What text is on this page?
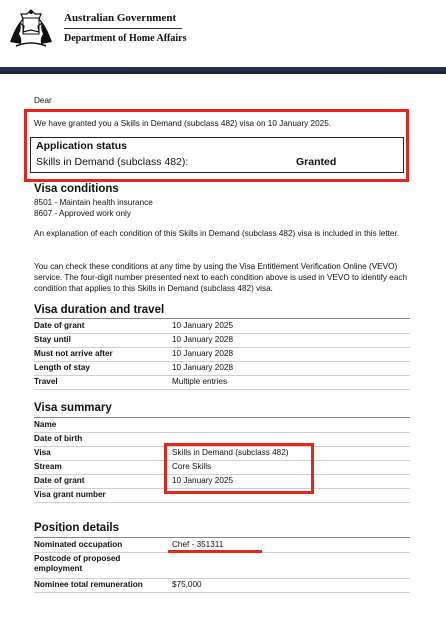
Australian Government
Department of Home Affairs
Dear
We have granted you a Skills in Demand (subclass 482) visa on 10 January 2025.
Application status
Skills in Demand (subclass 482):	Granted
Visa conditions
8501 - Maintain health insurance
8607 - Approved work only
An explanation of each condition of this Skills in Demand (subclass 482) visa is included in this letter.
You can check these conditions at any time by using the Visa Entitlement Verification Online (VEVO) service. The four-digit number presented next to each condition above is used in VEVO to identify each condition that applies to this Skills in Demand (subclass 482) visa.
Visa duration and travel
Date of grant	10 January 2025
Stay until	10 January 2028
Must not arrive after	10 January 2028
Length of stay	10 January 2028
Travel	Multiple entries
Visa summary
Name
Date of birth
Visa	Skills in Demand (subclass 482)
Stream	Core Skills
Date of grant	10 January 2025
Visa grant number
Position details
Nominated occupation	Chef - 351311
Postcode of proposed employment
Nominee total remuneration	$75,000
